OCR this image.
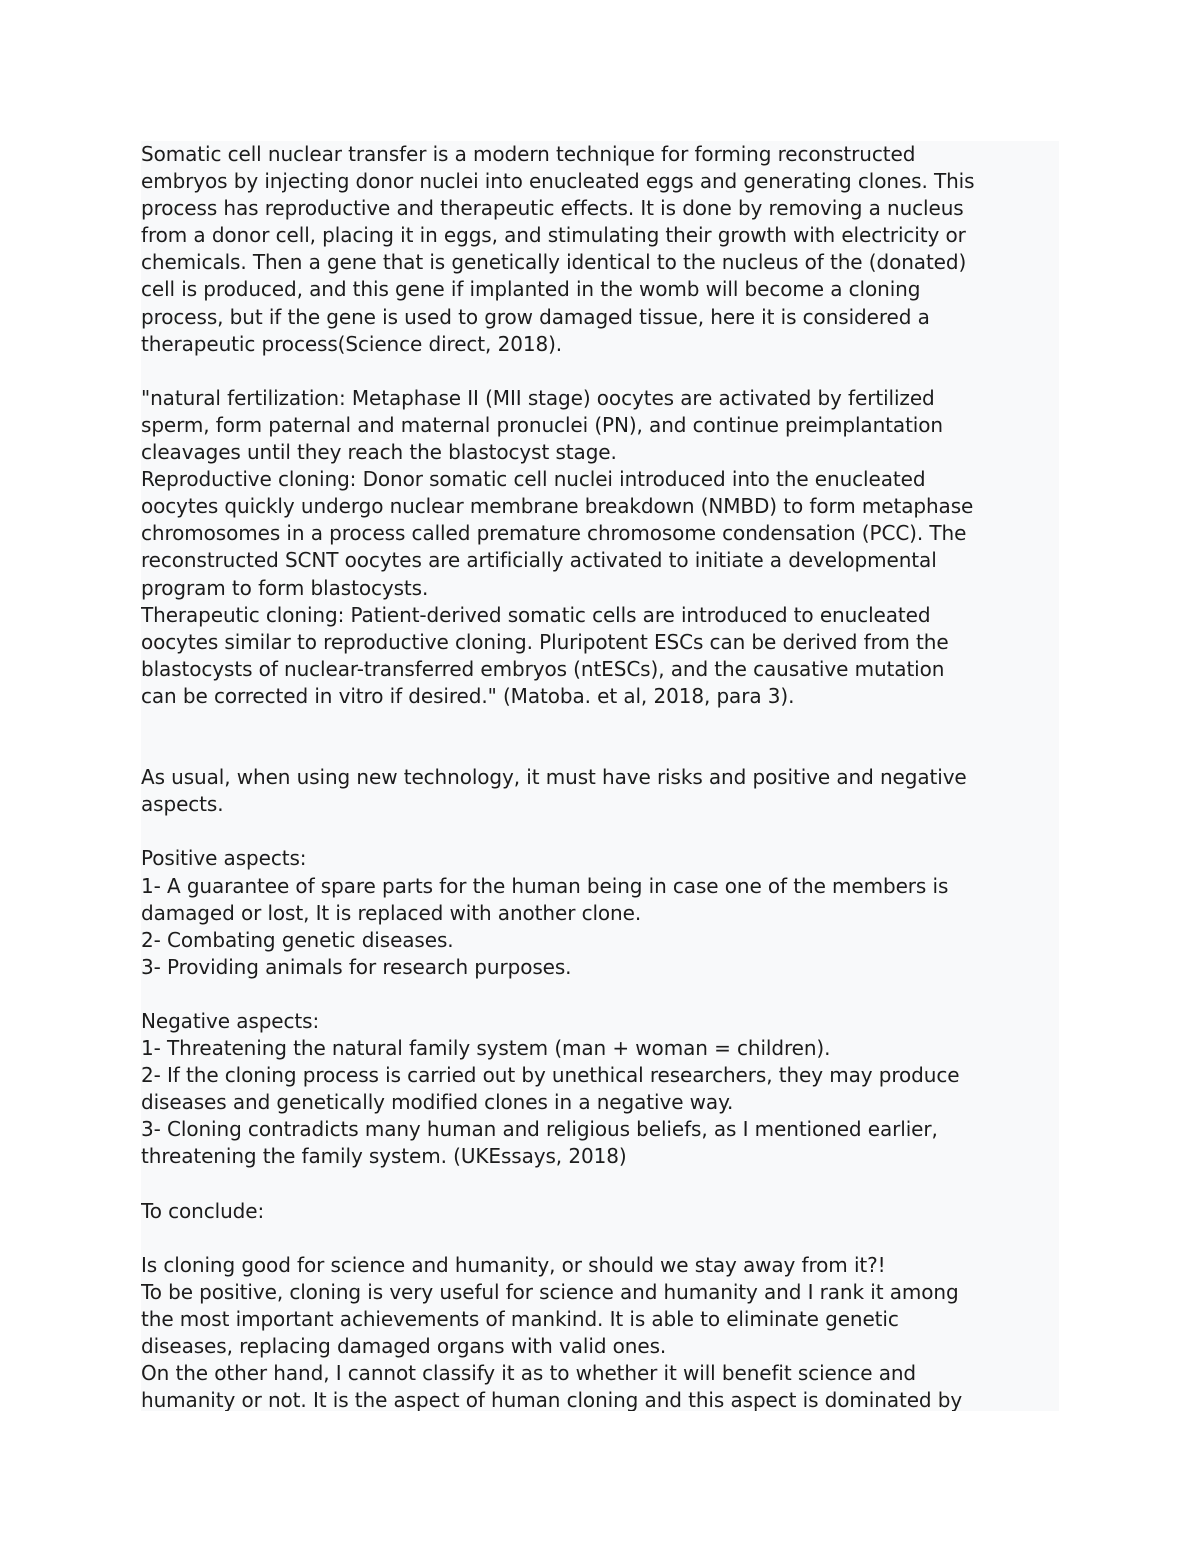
Somatic cell nuclear transfer is a modern technique for forming reconstructed
embryos by injecting donor nuclei into enucleated eggs and generating clones. This
process has reproductive and therapeutic effects. It is done by removing a nucleus
from a donor cell, placing it in eggs, and stimulating their growth with electricity or
chemicals. Then a gene that is genetically identical to the nucleus of the (donated)
cell is produced, and this gene if implanted in the womb will become a cloning
process, but if the gene is used to grow damaged tissue, here it is considered a
therapeutic process(Science direct, 2018).
"natural fertilization: Metaphase II (MII stage) oocytes are activated by fertilized
sperm, form paternal and maternal pronuclei (PN), and continue preimplantation
cleavages until they reach the blastocyst stage.
Reproductive cloning: Donor somatic cell nuclei introduced into the enucleated
oocytes quickly undergo nuclear membrane breakdown (NMBD) to form metaphase
chromosomes in a process called premature chromosome condensation (PCC). The
reconstructed SCNT oocytes are artificially activated to initiate a developmental
program to form blastocysts.
Therapeutic cloning: Patient-derived somatic cells are introduced to enucleated
oocytes similar to reproductive cloning. Pluripotent ESCs can be derived from the
blastocysts of nuclear-transferred embryos (ntESCs), and the causative mutation
can be corrected in vitro if desired." (Matoba. et al, 2018, para 3).
As usual, when using new technology, it must have risks and positive and negative
aspects.
Positive aspects:
1- A guarantee of spare parts for the human being in case one of the members is
damaged or lost, It is replaced with another clone.
2- Combating genetic diseases.
3- Providing animals for research purposes.
Negative aspects:
1- Threatening the natural family system (man + woman = children).
2- If the cloning process is carried out by unethical researchers, they may produce
diseases and genetically modified clones in a negative way.
3- Cloning contradicts many human and religious beliefs, as I mentioned earlier,
threatening the family system. (UKEssays, 2018)
To conclude:
Is cloning good for science and humanity, or should we stay away from it?!
To be positive, cloning is very useful for science and humanity and I rank it among
the most important achievements of mankind. It is able to eliminate genetic
diseases, replacing damaged organs with valid ones.
On the other hand, I cannot classify it as to whether it will benefit science and
humanity or not. It is the aspect of human cloning and this aspect is dominated by
